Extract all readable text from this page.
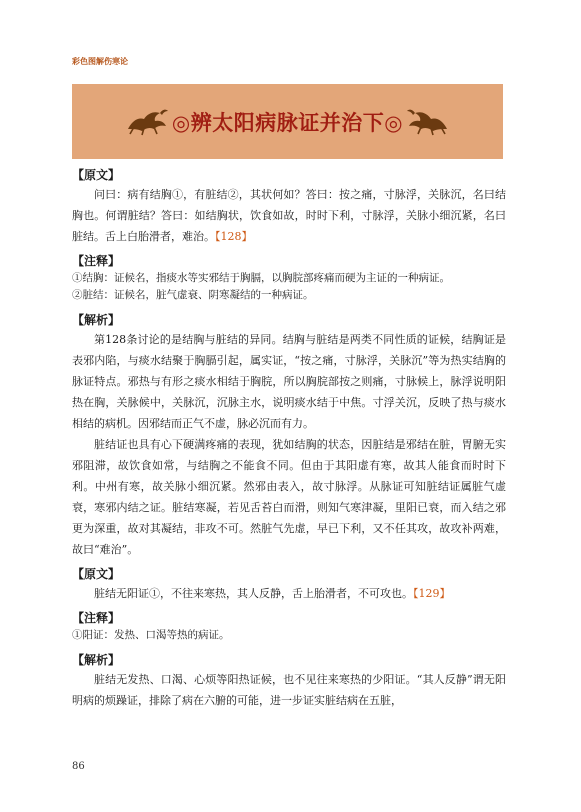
彩色图解伤寒论
◎辨太阳病脉证并治下◎

【原文】

问曰：病有结胸①，有脏结②，其状何如？答曰：按之痛，寸脉浮，关脉沉，名曰结胸也。何谓脏结？答曰：如结胸状，饮食如故，时时下利，寸脉浮，关脉小细沉紧，名曰脏结。舌上白胎滑者，难治。【128】

【注释】

①结胸：证候名，指痰水等实邪结于胸膈，以胸脘部疼痛而硬为主证的一种病证。

②脏结：证候名，脏气虚衰、阴寒凝结的一种病证。

【解析】

第128条讨论的是结胸与脏结的异同。结胸与脏结是两类不同性质的证候，结胸证是表邪内陷，与痰水结聚于胸膈引起，属实证，“按之痛，寸脉浮，关脉沉”等为热实结胸的脉证特点。邪热与有形之痰水相结于胸脘，所以胸脘部按之则痛，寸脉候上，脉浮说明阳热在胸，关脉候中，关脉沉，沉脉主水，说明痰水结于中焦。寸浮关沉，反映了热与痰水相结的病机。因邪结而正气不虚，脉必沉而有力。

脏结证也具有心下硬满疼痛的表现，犹如结胸的状态，因脏结是邪结在脏，胃腑无实邪阻滞，故饮食如常，与结胸之不能食不同。但由于其阳虚有寒，故其人能食而时时下利。中州有寒，故关脉小细沉紧。然邪由表入，故寸脉浮。从脉证可知脏结证属脏气虚衰，寒邪内结之证。脏结寒凝，若见舌苔白而滑，则知气寒津凝，里阳已衰，而入结之邪更为深重，故对其凝结，非攻不可。然脏气先虚，早已下利，又不任其攻，故攻补两难，故曰“难治”。

【原文】

脏结无阳证①，不往来寒热，其人反静，舌上胎滑者，不可攻也。【129】

【注释】

①阳证：发热、口渴等热的病证。

【解析】

脏结无发热、口渴、心烦等阳热证候，也不见往来寒热的少阳证。“其人反静”谓无阳明病的烦躁证，排除了病在六腑的可能，进一步证实脏结病在五脏，

86
